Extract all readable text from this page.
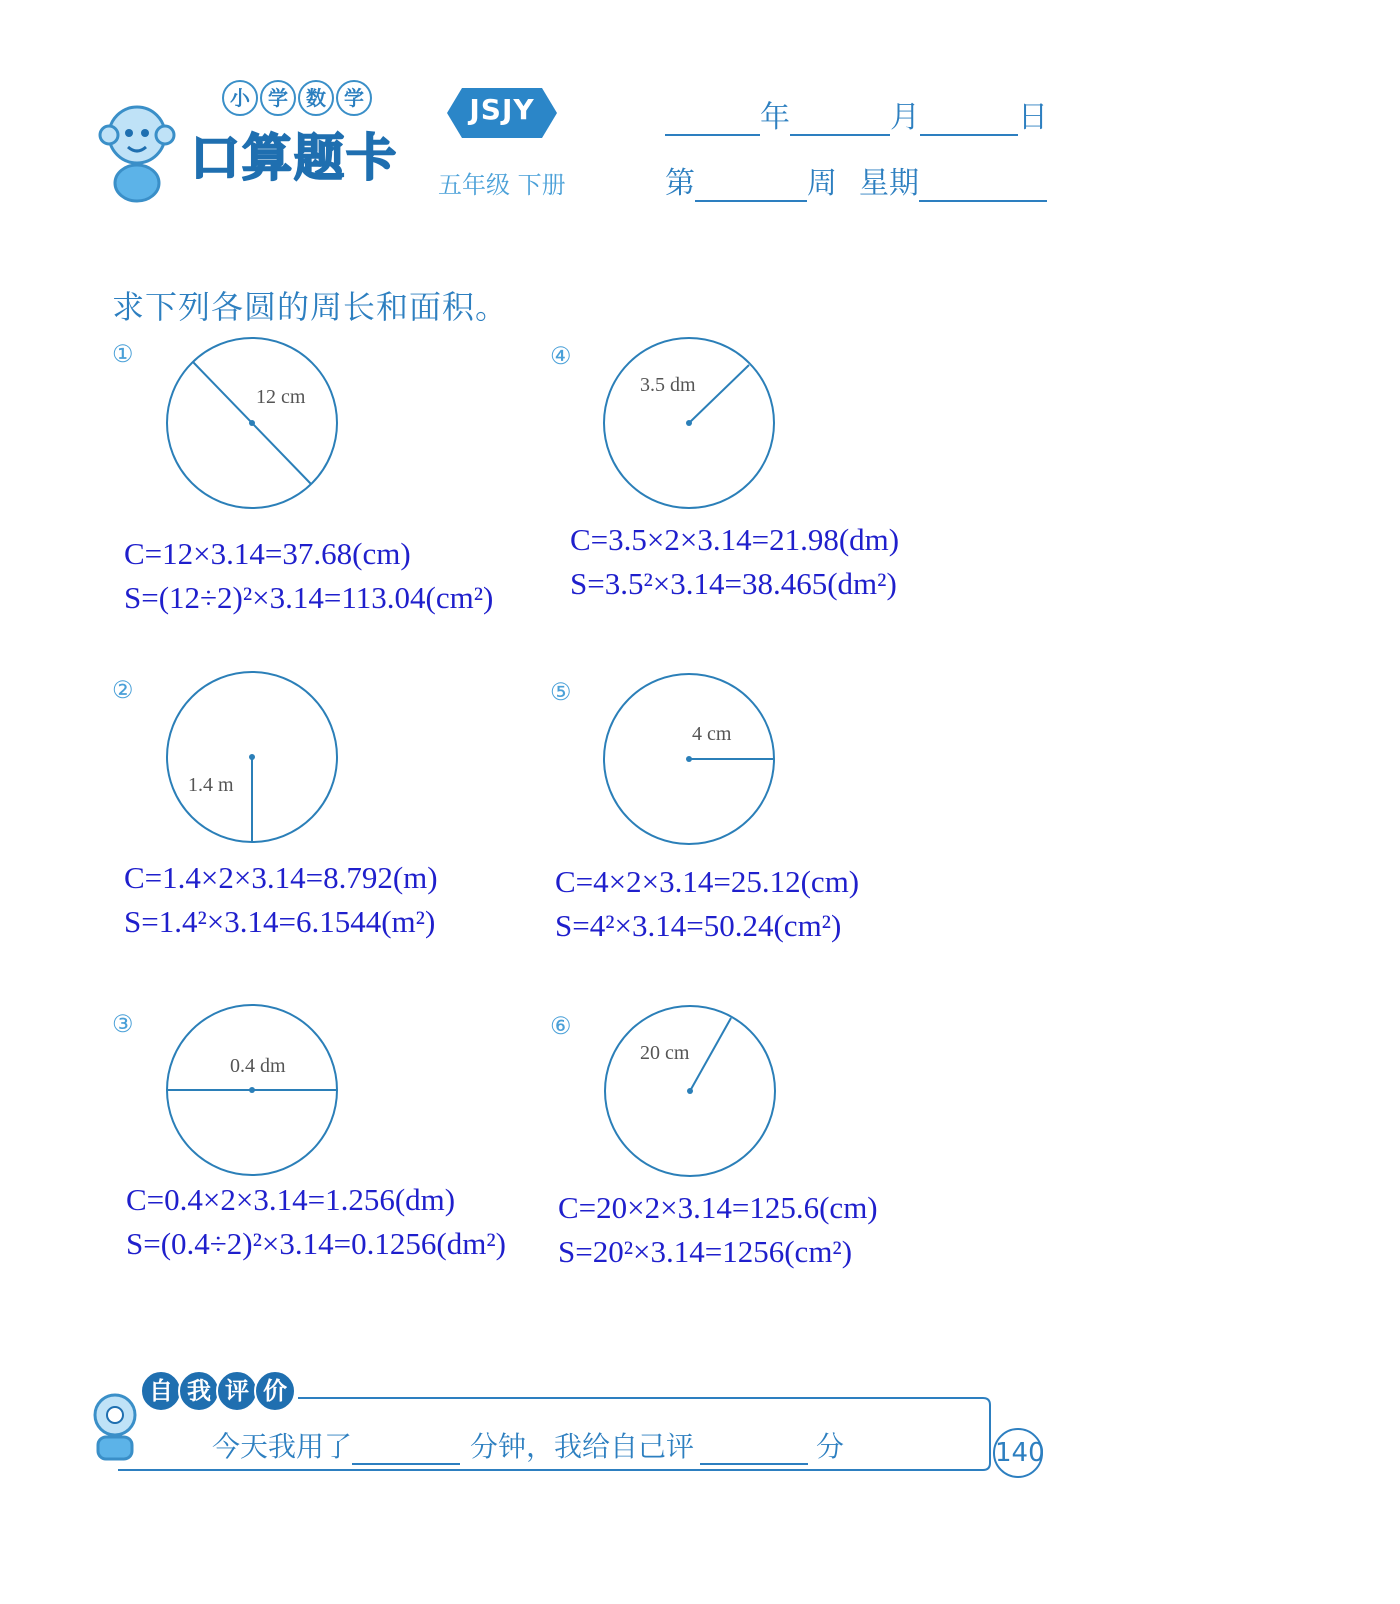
小 学 数 学
口算题卡
JSJY
五年级 下册
年	月	日
第	周 星期
求下列各圆的周长和面积。
①
12 cm
C=12×3.14=37.68(cm)
S=(12÷2)²×3.14=113.04(cm²)
②
1.4 m
C=1.4×2×3.14=8.792(m)
S=1.4²×3.14=6.1544(m²)
③
0.4 dm
C=0.4×2×3.14=1.256(dm)
S=(0.4÷2)²×3.14=0.1256(dm²)
④
3.5 dm
C=3.5×2×3.14=21.98(dm)
S=3.5²×3.14=38.465(dm²)
⑤
4 cm
C=4×2×3.14=25.12(cm)
S=4²×3.14=50.24(cm²)
⑥
20 cm
C=20×2×3.14=125.6(cm)
S=20²×3.14=1256(cm²)
自 我 评 价
今天我用了	分钟，我给自己评	分	140
